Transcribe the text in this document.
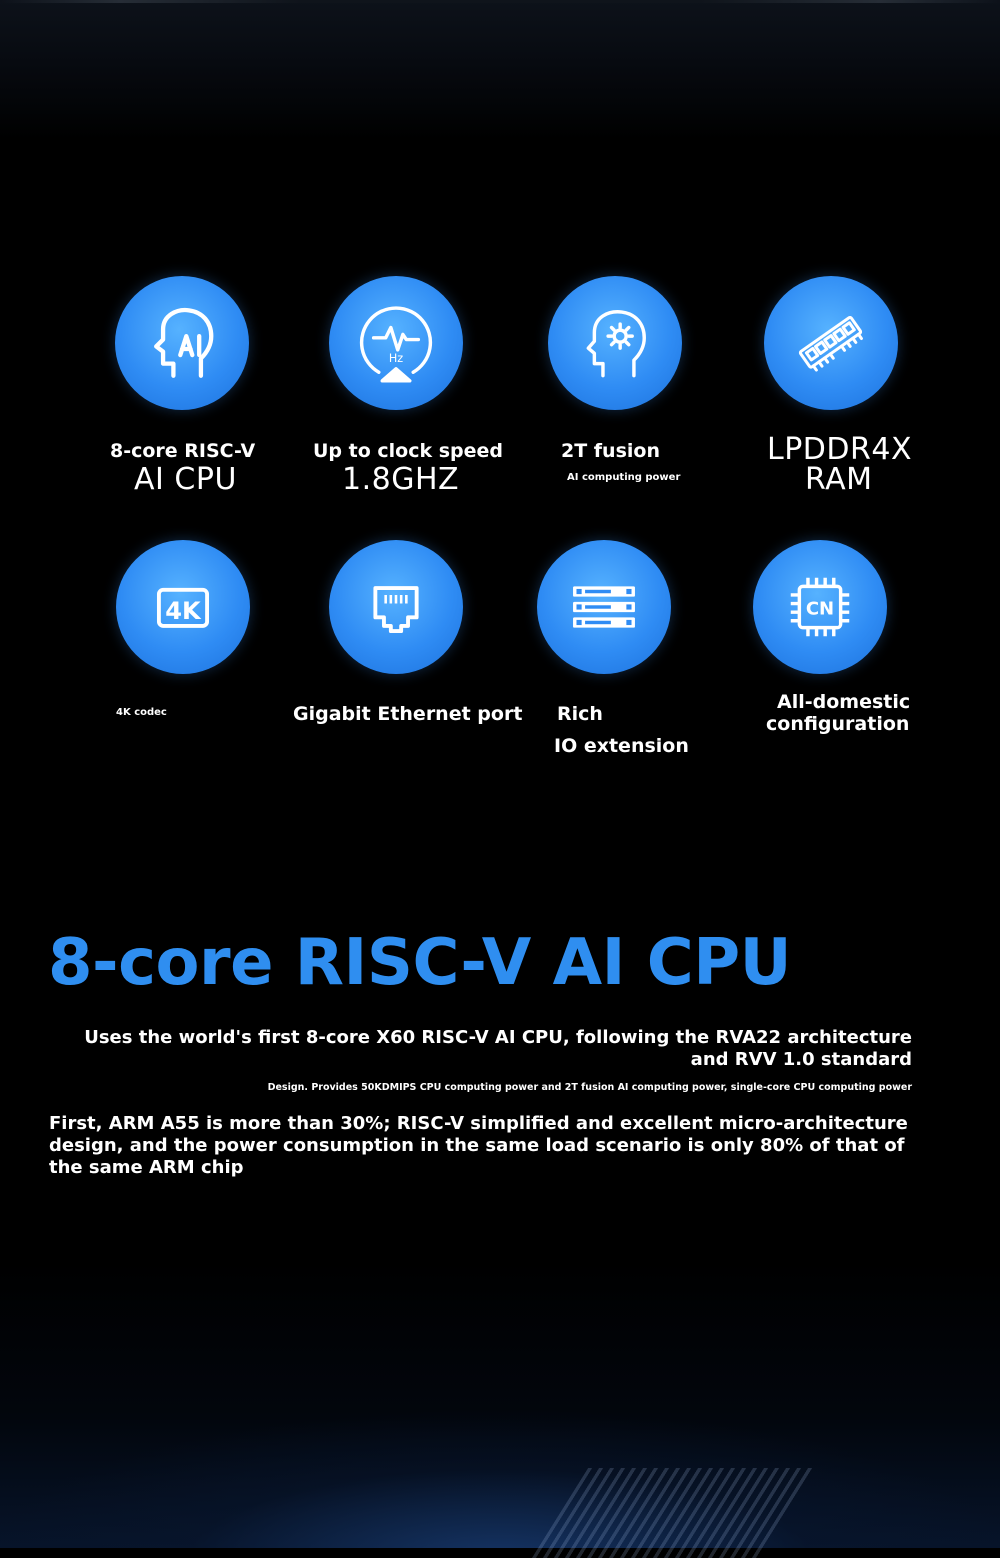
8-core RISC-V
AI CPU
Hz
Up to clock speed
1.8GHZ
2T fusion
AI computing power
LPDDR4X
RAM
4K
4K codec	Gigabit Ethernet port Rich
IO extension
CN
All-domestic
configuration
8-core RISC-V AI CPU
Uses the world's first 8-core X60 RISC-V AI CPU, following the RVA22 architecture
and RVV 1.0 standard
Design. Provides 50KDMIPS CPU computing power and 2T fusion AI computing power, single-core CPU computing power
First, ARM A55 is more than 30%; RISC-V simplified and excellent micro-architecture
design, and the power consumption in the same load scenario is only 80% of that of
the same ARM chip
